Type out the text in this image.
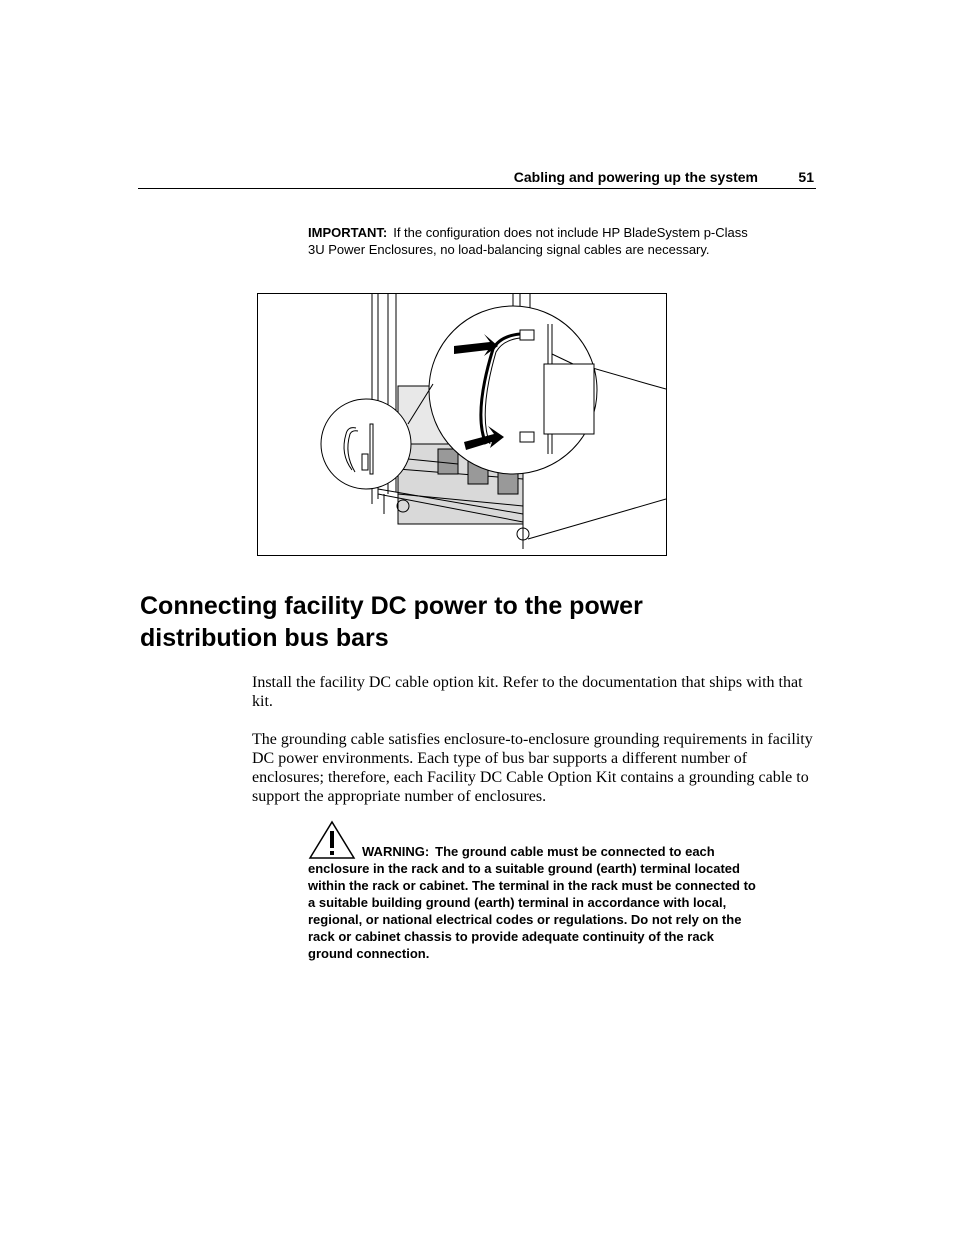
Cabling and powering up the system	51
IMPORTANT: If the configuration does not include HP BladeSystem p-Class 3U Power Enclosures, no load-balancing signal cables are necessary.
Connecting facility DC power to the power distribution bus bars

Install the facility DC cable option kit. Refer to the documentation that ships with that kit.

The grounding cable satisfies enclosure-to-enclosure grounding requirements in facility DC power environments. Each type of bus bar supports a different number of enclosures; therefore, each Facility DC Cable Option Kit contains a grounding cable to support the appropriate number of enclosures.

WARNING: The ground cable must be connected to each enclosure in the rack and to a suitable ground (earth) terminal located within the rack or cabinet. The terminal in the rack must be connected to a suitable building ground (earth) terminal in accordance with local, regional, or national electrical codes or regulations. Do not rely on the rack or cabinet chassis to provide adequate continuity of the rack ground connection.
